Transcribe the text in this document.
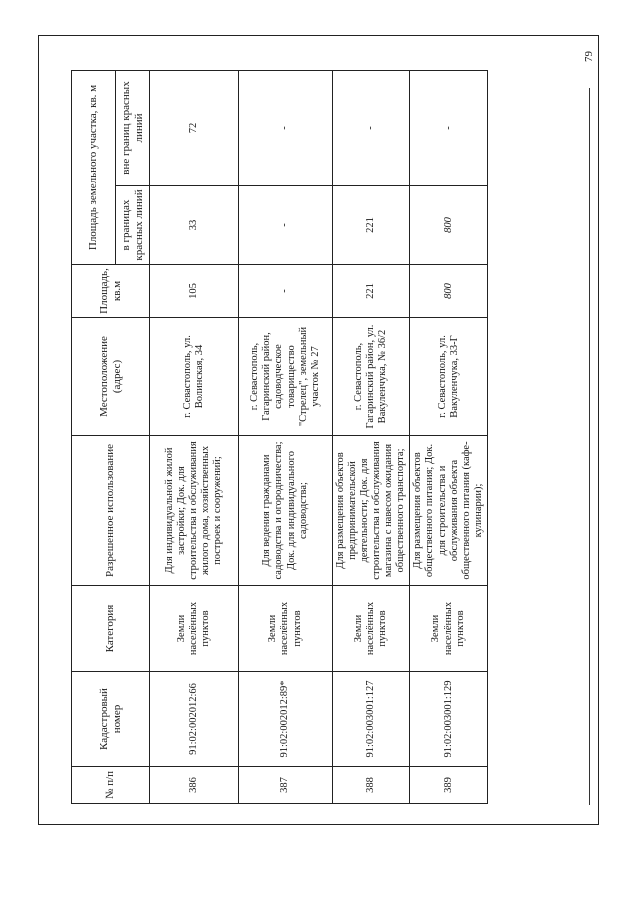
79
№ п/п	Кадастровый номер	Категория	Разрешенное использование	Местоположение (адрес)	Площадь, кв.м	Площадь земельного участка, кв. м	
						в границах красных линий	вне границ красных линий
386	91:02:002012:66	Земли населённых пунктов	Для индивидуальной жилой застройки; Док. для строительства и обслуживания жилого дома, хозяйственных построек и сооружений;	г. Севастополь, ул. Волинская, 34	105	33	72
387	91:02:002012:89*	Земли населённых пунктов	Для ведения гражданами садоводства и огородничества; Док. для индивидуального садоводства;	г. Севастополь, Гагаринский район, садоводческое товарищество "Стрелец", земельный участок № 27	-	-	-
388	91:02:003001:127	Земли населённых пунктов	Для размещения объектов предпринимательской деятельности; Док. для строительства и обслуживания магазина с навесом ожидания общественного транспорта;	г. Севастополь, Гагаринский район, ул. Вакуленчука, № 36/2	221	221	-
389	91:02:003001:129	Земли населённых пунктов	Для размещения объектов общественного питания; Док. для строительства и обслуживания объекта общественного питания (кафе-кулинарии);	г. Севастополь, ул. Вакуленчука, 33-Г	800	800	-
